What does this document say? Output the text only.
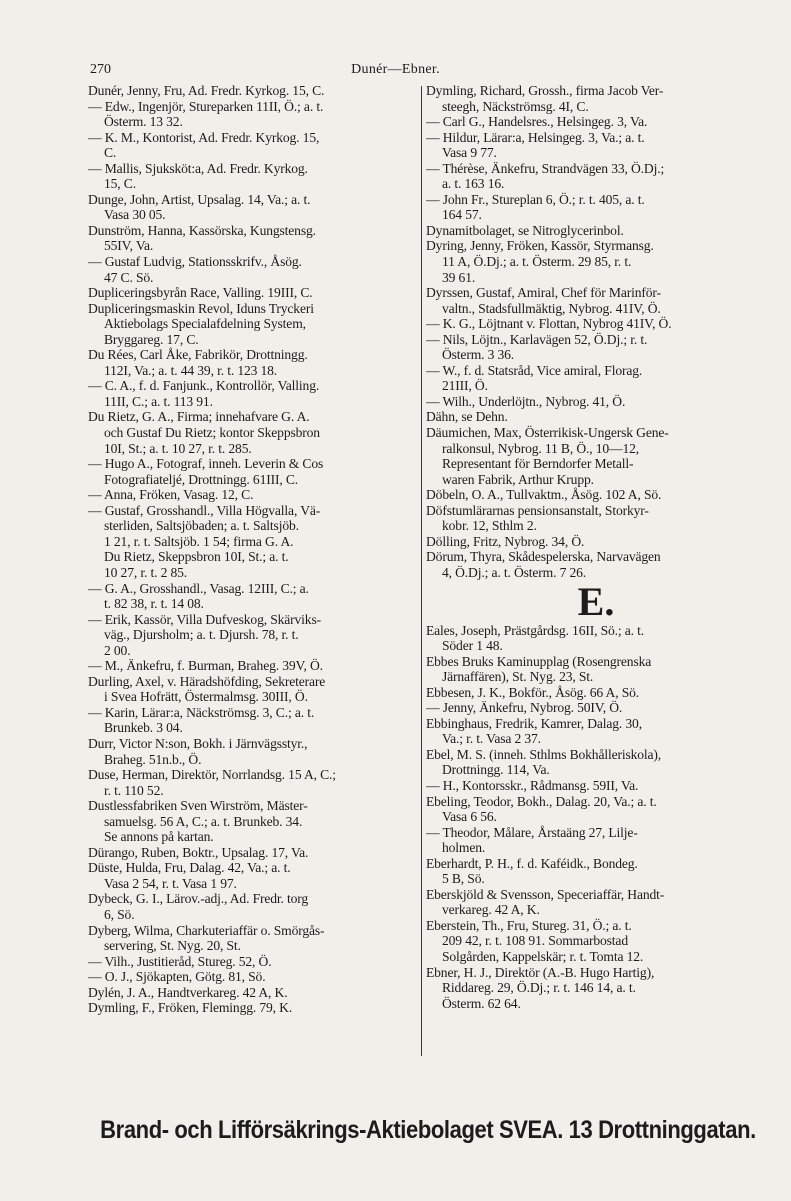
270	Dunér—Ebner.
Dunér, Jenny, Fru, Ad. Fredr. Kyrkog. 15, C.
— Edw., Ingenjör, Stureparken 11II, Ö.; a. t.
Österm. 13 32.
— K. M., Kontorist, Ad. Fredr. Kyrkog. 15,
C.
— Mallis, Sjuksköt:a, Ad. Fredr. Kyrkog.
15, C.
Dunge, John, Artist, Upsalag. 14, Va.; a. t.
Vasa 30 05.
Dunström, Hanna, Kassörska, Kungstensg.
55IV, Va.
— Gustaf Ludvig, Stationsskrifv., Åsög.
47 C. Sö.
Dupliceringsbyrån Race, Valling. 19III, C.
Dupliceringsmaskin Revol, Iduns Tryckeri
Aktiebolags Specialafdelning System,
Bryggareg. 17, C.
Du Rées, Carl Åke, Fabrikör, Drottningg.
112I, Va.; a. t. 44 39, r. t. 123 18.
— C. A., f. d. Fanjunk., Kontrollör, Valling.
11II, C.; a. t. 113 91.
Du Rietz, G. A., Firma; innehafvare G. A.
och Gustaf Du Rietz; kontor Skeppsbron
10I, St.; a. t. 10 27, r. t. 285.
— Hugo A., Fotograf, inneh. Leverin & Cos
Fotografiateljé, Drottningg. 61III, C.
— Anna, Fröken, Vasag. 12, C.
— Gustaf, Grosshandl., Villa Högvalla, Vä-
sterliden, Saltsjöbaden; a. t. Saltsjöb.
1 21, r. t. Saltsjöb. 1 54; firma G. A.
Du Rietz, Skeppsbron 10I, St.; a. t.
10 27, r. t. 2 85.
— G. A., Grosshandl., Vasag. 12III, C.; a.
t. 82 38, r. t. 14 08.
— Erik, Kassör, Villa Dufveskog, Skärviks-
väg., Djursholm; a. t. Djursh. 78, r. t.
2 00.
— M., Änkefru, f. Burman, Braheg. 39V, Ö.
Durling, Axel, v. Häradshöfding, Sekreterare
i Svea Hofrätt, Östermalmsg. 30III, Ö.
— Karin, Lärar:a, Näckströmsg. 3, C.; a. t.
Brunkeb. 3 04.
Durr, Victor N:son, Bokh. i Järnvägsstyr.,
Braheg. 51n.b., Ö.
Duse, Herman, Direktör, Norrlandsg. 15 A, C.;
r. t. 110 52.
Dustlessfabriken Sven Wirström, Mäster-
samuelsg. 56 A, C.; a. t. Brunkeb. 34.
Se annons på kartan.
Dürango, Ruben, Boktr., Upsalag. 17, Va.
Düste, Hulda, Fru, Dalag. 42, Va.; a. t.
Vasa 2 54, r. t. Vasa 1 97.
Dybeck, G. I., Lärov.-adj., Ad. Fredr. torg
6, Sö.
Dyberg, Wilma, Charkuteriaffär o. Smörgås-
servering, St. Nyg. 20, St.
— Vilh., Justitieråd, Stureg. 52, Ö.
— O. J., Sjökapten, Götg. 81, Sö.
Dylén, J. A., Handtverkareg. 42 A, K.
Dymling, F., Fröken, Flemingg. 79, K.
Dymling, Richard, Grossh., firma Jacob Ver-
steegh, Näckströmsg. 4I, C.
— Carl G., Handelsres., Helsingeg. 3, Va.
— Hildur, Lärar:a, Helsingeg. 3, Va.; a. t.
Vasa 9 77.
— Thérèse, Änkefru, Strandvägen 33, Ö.Dj.;
a. t. 163 16.
— John Fr., Stureplan 6, Ö.; r. t. 405, a. t.
164 57.
Dynamitbolaget, se Nitroglycerinbol.
Dyring, Jenny, Fröken, Kassör, Styrmansg.
11 A, Ö.Dj.; a. t. Österm. 29 85, r. t.
39 61.
Dyrssen, Gustaf, Amiral, Chef för Marinför-
valtn., Stadsfullmäktig, Nybrog. 41IV, Ö.
— K. G., Löjtnant v. Flottan, Nybrog 41IV, Ö.
— Nils, Löjtn., Karlavägen 52, Ö.Dj.; r. t.
Österm. 3 36.
— W., f. d. Statsråd, Vice amiral, Florag.
21III, Ö.
— Wilh., Underlöjtn., Nybrog. 41, Ö.
Dähn, se Dehn.
Däumichen, Max, Österrikisk-Ungersk Gene-
ralkonsul, Nybrog. 11 B, Ö., 10—12,
Representant för Berndorfer Metall-
waren Fabrik, Arthur Krupp.
Döbeln, O. A., Tullvaktm., Åsög. 102 A, Sö.
Döfstumlärarnas pensionsanstalt, Storkyr-
kobr. 12, Sthlm 2.
Dölling, Fritz, Nybrog. 34, Ö.
Dörum, Thyra, Skådespelerska, Narvavägen
4, Ö.Dj.; a. t. Österm. 7 26.
E.
Eales, Joseph, Prästgårdsg. 16II, Sö.; a. t.
Söder 1 48.
Ebbes Bruks Kaminupplag (Rosengrenska
Järnaffären), St. Nyg. 23, St.
Ebbesen, J. K., Bokför., Åsög. 66 A, Sö.
— Jenny, Änkefru, Nybrog. 50IV, Ö.
Ebbinghaus, Fredrik, Kamrer, Dalag. 30,
Va.; r. t. Vasa 2 37.
Ebel, M. S. (inneh. Sthlms Bokhålleriskola),
Drottningg. 114, Va.
— H., Kontorsskr., Rådmansg. 59II, Va.
Ebeling, Teodor, Bokh., Dalag. 20, Va.; a. t.
Vasa 6 56.
— Theodor, Målare, Årstaäng 27, Lilje-
holmen.
Eberhardt, P. H., f. d. Kaféidk., Bondeg.
5 B, Sö.
Eberskjöld & Svensson, Speceriaffär, Handt-
verkareg. 42 A, K.
Eberstein, Th., Fru, Stureg. 31, Ö.; a. t.
209 42, r. t. 108 91. Sommarbostad
Solgården, Kappelskär; r. t. Tomta 12.
Ebner, H. J., Direktör (A.-B. Hugo Hartig),
Riddareg. 29, Ö.Dj.; r. t. 146 14, a. t.
Österm. 62 64.
Brand- och Lifförsäkrings-Aktiebolaget SVEA. 13 Drottninggatan.
